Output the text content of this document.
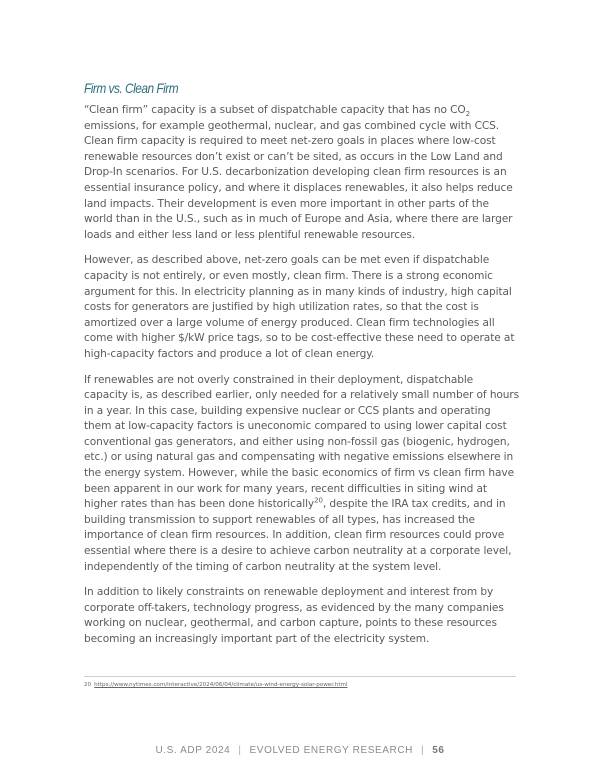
Firm vs. Clean Firm

“Clean firm” capacity is a subset of dispatchable capacity that has no $CO_2$ emissions, for example geothermal, nuclear, and gas combined cycle with CCS. Clean firm capacity is required to meet net-zero goals in places where low-cost renewable resources don’t exist or can’t be sited, as occurs in the Low Land and Drop-In scenarios. For U.S. decarbonization developing clean firm resources is an essential insurance policy, and where it displaces renewables, it also helps reduce land impacts. Their development is even more important in other parts of the world than in the U.S., such as in much of Europe and Asia, where there are larger loads and either less land or less plentiful renewable resources.

However, as described above, net-zero goals can be met even if dispatchable capacity is not entirely, or even mostly, clean firm. There is a strong economic argument for this. In electricity planning as in many kinds of industry, high capital costs for generators are justified by high utilization rates, so that the cost is amortized over a large volume of energy produced. Clean firm technologies all come with higher $/kW price tags, so to be cost-effective these need to operate at high-capacity factors and produce a lot of clean energy.

If renewables are not overly constrained in their deployment, dispatchable capacity is, as described earlier, only needed for a relatively small number of hours in a year. In this case, building expensive nuclear or CCS plants and operating them at low-capacity factors is uneconomic compared to using lower capital cost conventional gas generators, and either using non-fossil gas (biogenic, hydrogen, etc.) or using natural gas and compensating with negative emissions elsewhere in the energy system. However, while the basic economics of firm vs clean firm have been apparent in our work for many years, recent difficulties in siting wind at higher rates than has been done historically$^{20}$, despite the IRA tax credits, and in building transmission to support renewables of all types, has increased the importance of clean firm resources. In addition, clean firm resources could prove essential where there is a desire to achieve carbon neutrality at a corporate level, independently of the timing of carbon neutrality at the system level.

In addition to likely constraints on renewable deployment and interest from by corporate off-takers, technology progress, as evidenced by the many companies working on nuclear, geothermal, and carbon capture, points to these resources becoming an increasingly important part of the electricity system.

20 https://www.nytimes.com/interactive/2024/06/04/climate/us-wind-energy-solar-power.html
U.S. ADP 2024 | EVOLVED ENERGY RESEARCH | 56
